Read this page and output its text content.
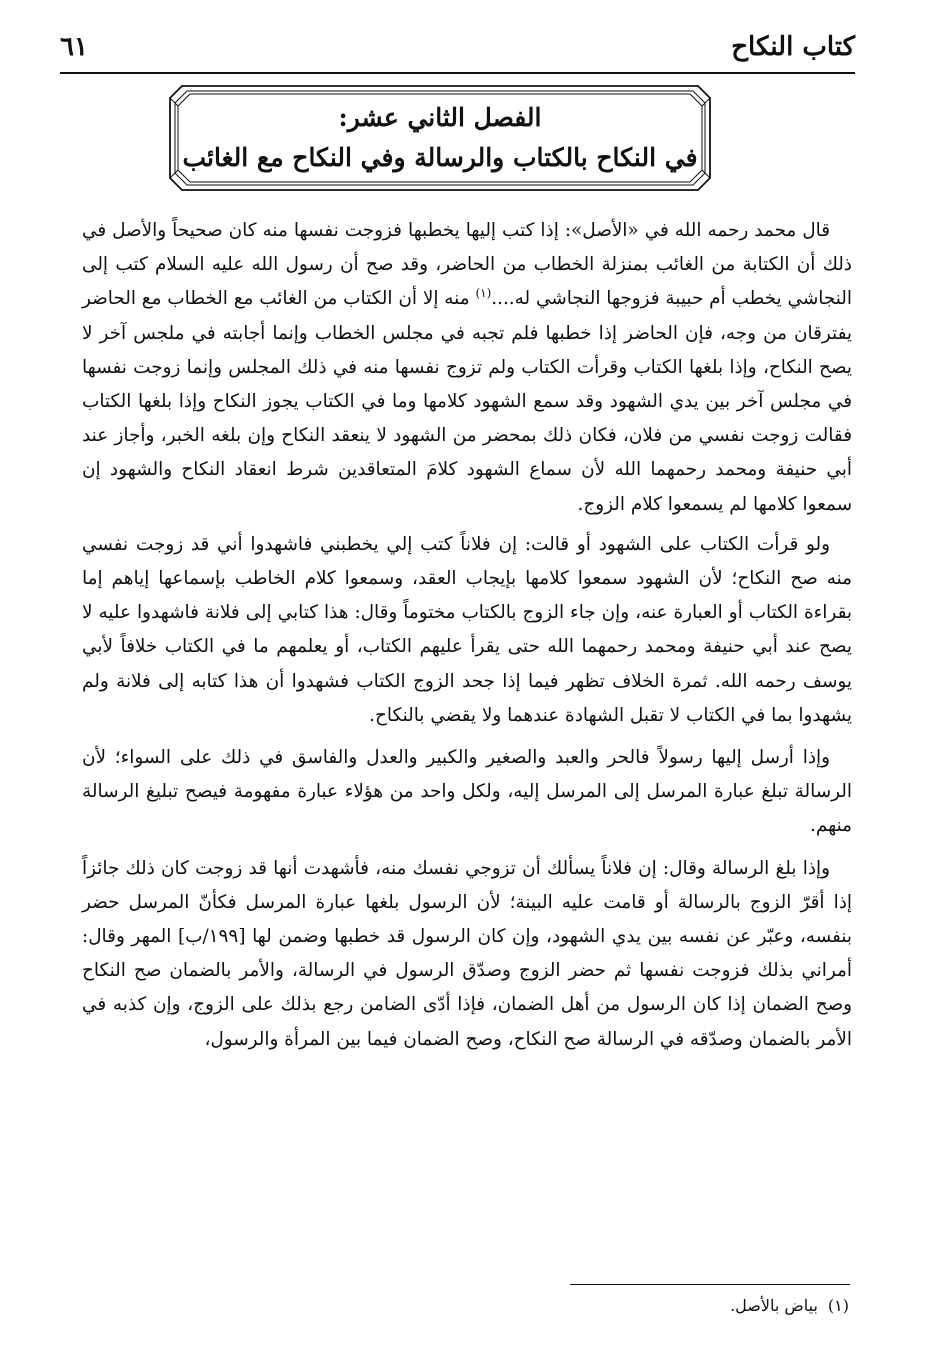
كتاب النكاح
٦١
الفصل الثاني عشر:
في النكاح بالكتاب والرسالة وفي النكاح مع الغائب

قال محمد رحمه الله في «الأصل»: إذا كتب إليها يخطبها فزوجت نفسها منه كان صحيحاً والأصل في ذلك أن الكتابة من الغائب بمنزلة الخطاب من الحاضر، وقد صح أن رسول الله عليه السلام كتب إلى النجاشي يخطب أم حبيبة فزوجها النجاشي له....$^{(١)}$ منه إلا أن الكتاب من الغائب مع الخطاب مع الحاضر يفترقان من وجه، فإن الحاضر إذا خطبها فلم تجبه في مجلس الخطاب وإنما أجابته في ملجس آخر لا يصح النكاح، وإذا بلغها الكتاب وقرأت الكتاب ولم تزوج نفسها منه في ذلك المجلس وإنما زوجت نفسها في مجلس آخر بين يدي الشهود وقد سمع الشهود كلامها وما في الكتاب يجوز النكاح وإذا بلغها الكتاب فقالت زوجت نفسي من فلان، فكان ذلك بمحضر من الشهود لا ينعقد النكاح وإن بلغه الخبر، وأجاز عند أبي حنيفة ومحمد رحمهما الله لأن سماع الشهود كلامَ المتعاقدين شرط انعقاد النكاح والشهود إن سمعوا كلامها لم يسمعوا كلام الزوج.

ولو قرأت الكتاب على الشهود أو قالت: إن فلاناً كتب إلي يخطبني فاشهدوا أني قد زوجت نفسي منه صح النكاح؛ لأن الشهود سمعوا كلامها بإيجاب العقد، وسمعوا كلام الخاطب بإسماعها إياهم إما بقراءة الكتاب أو العبارة عنه، وإن جاء الزوج بالكتاب مختوماً وقال: هذا كتابي إلى فلانة فاشهدوا عليه لا يصح عند أبي حنيفة ومحمد رحمهما الله حتى يقرأ عليهم الكتاب، أو يعلمهم ما في الكتاب خلافاً لأبي يوسف رحمه الله. ثمرة الخلاف تظهر فيما إذا جحد الزوج الكتاب فشهدوا أن هذا كتابه إلى فلانة ولم يشهدوا بما في الكتاب لا تقبل الشهادة عندهما ولا يقضي بالنكاح.

وإذا أرسل إليها رسولاً فالحر والعبد والصغير والكبير والعدل والفاسق في ذلك على السواء؛ لأن الرسالة تبلغ عبارة المرسل إلى المرسل إليه، ولكل واحد من هؤلاء عبارة مفهومة فيصح تبليغ الرسالة منهم.

وإذا بلغ الرسالة وقال: إن فلاناً يسألك أن تزوجي نفسك منه، فأشهدت أنها قد زوجت كان ذلك جائزاً إذا أقرّ الزوج بالرسالة أو قامت عليه البينة؛ لأن الرسول بلغها عبارة المرسل فكأنّ المرسل حضر بنفسه، وعبّر عن نفسه بين يدي الشهود، وإن كان الرسول قد خطبها وضمن لها [١٩٩/ب] المهر وقال: أمراني بذلك فزوجت نفسها ثم حضر الزوج وصدّق الرسول في الرسالة، والأمر بالضمان صح النكاح وصح الضمان إذا كان الرسول من أهل الضمان، فإذا أدّى الضامن رجع بذلك على الزوج، وإن كذبه في الأمر بالضمان وصدّقه في الرسالة صح النكاح، وصح الضمان فيما بين المرأة والرسول،

(١)بياض بالأصل.
